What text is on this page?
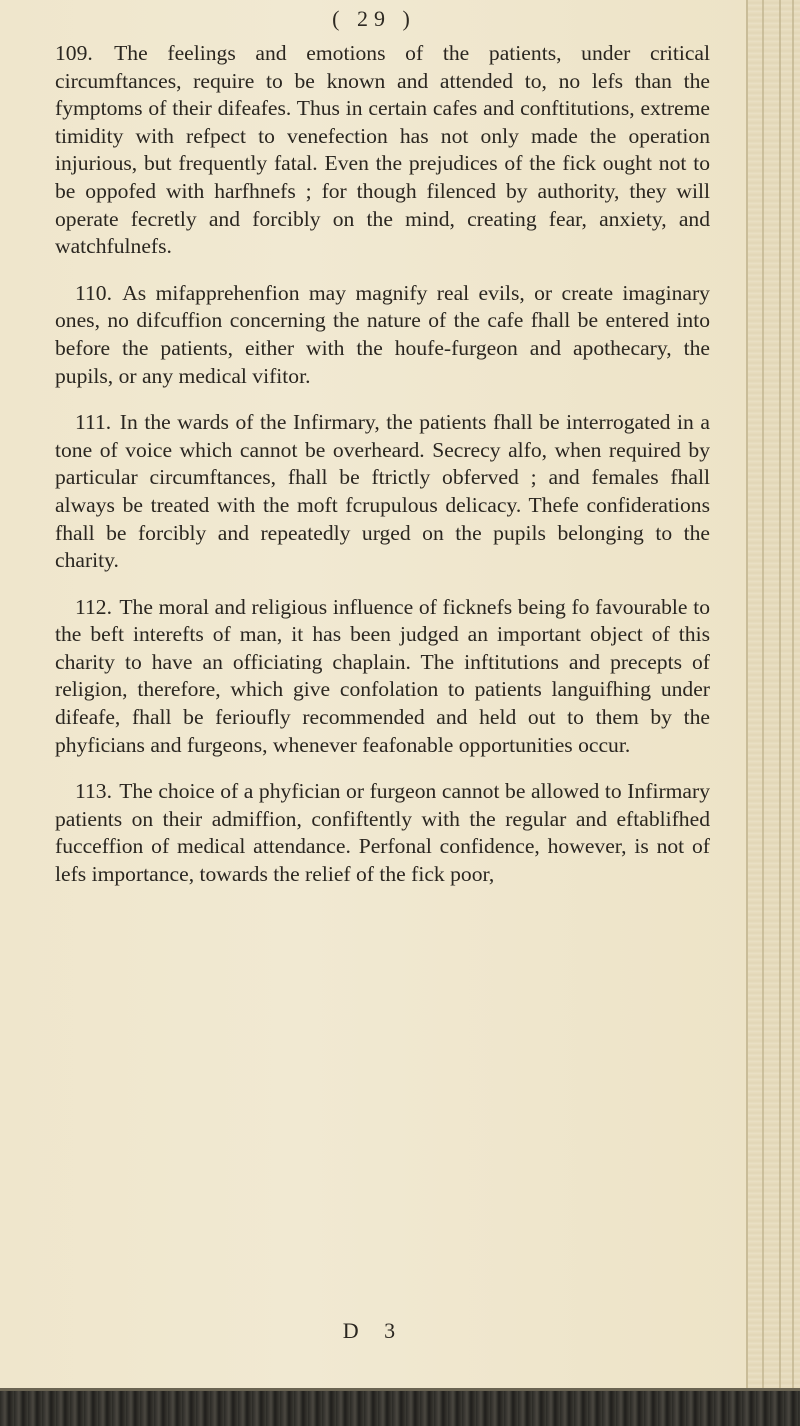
( 29 )

109. The feelings and emotions of the patients, under critical circumftances, require to be known and attended to, no lefs than the fymptoms of their difeafes. Thus in certain cafes and conftitutions, extreme timidity with refpect to venefection has not only made the operation injurious, but frequently fatal. Even the prejudices of the fick ought not to be oppofed with harfhnefs ; for though filenced by authority, they will operate fecretly and forcibly on the mind, creating fear, anxiety, and watchfulnefs.

110. As mifapprehenfion may magnify real evils, or create imaginary ones, no difcuffion concerning the nature of the cafe fhall be entered into before the patients, either with the houfe-furgeon and apothecary, the pupils, or any medical vifitor.

111. In the wards of the Infirmary, the patients fhall be interrogated in a tone of voice which cannot be overheard. Secrecy alfo, when required by particular circumftances, fhall be ftrictly obferved ; and females fhall always be treated with the moft fcrupulous delicacy. Thefe confiderations fhall be forcibly and repeatedly urged on the pupils belonging to the charity.

112. The moral and religious influence of ficknefs being fo favourable to the beft interefts of man, it has been judged an important object of this charity to have an officiating chaplain. The inftitutions and precepts of religion, therefore, which give confolation to patients languifhing under difeafe, fhall be ferioufly recommended and held out to them by the phyficians and furgeons, whenever feafonable opportunities occur.

113. The choice of a phyfician or furgeon cannot be allowed to Infirmary patients on their admiffion, confiftently with the regular and eftablifhed fucceffion of medical attendance. Perfonal confidence, however, is not of lefs importance, towards the relief of the fick poor,

D 3
